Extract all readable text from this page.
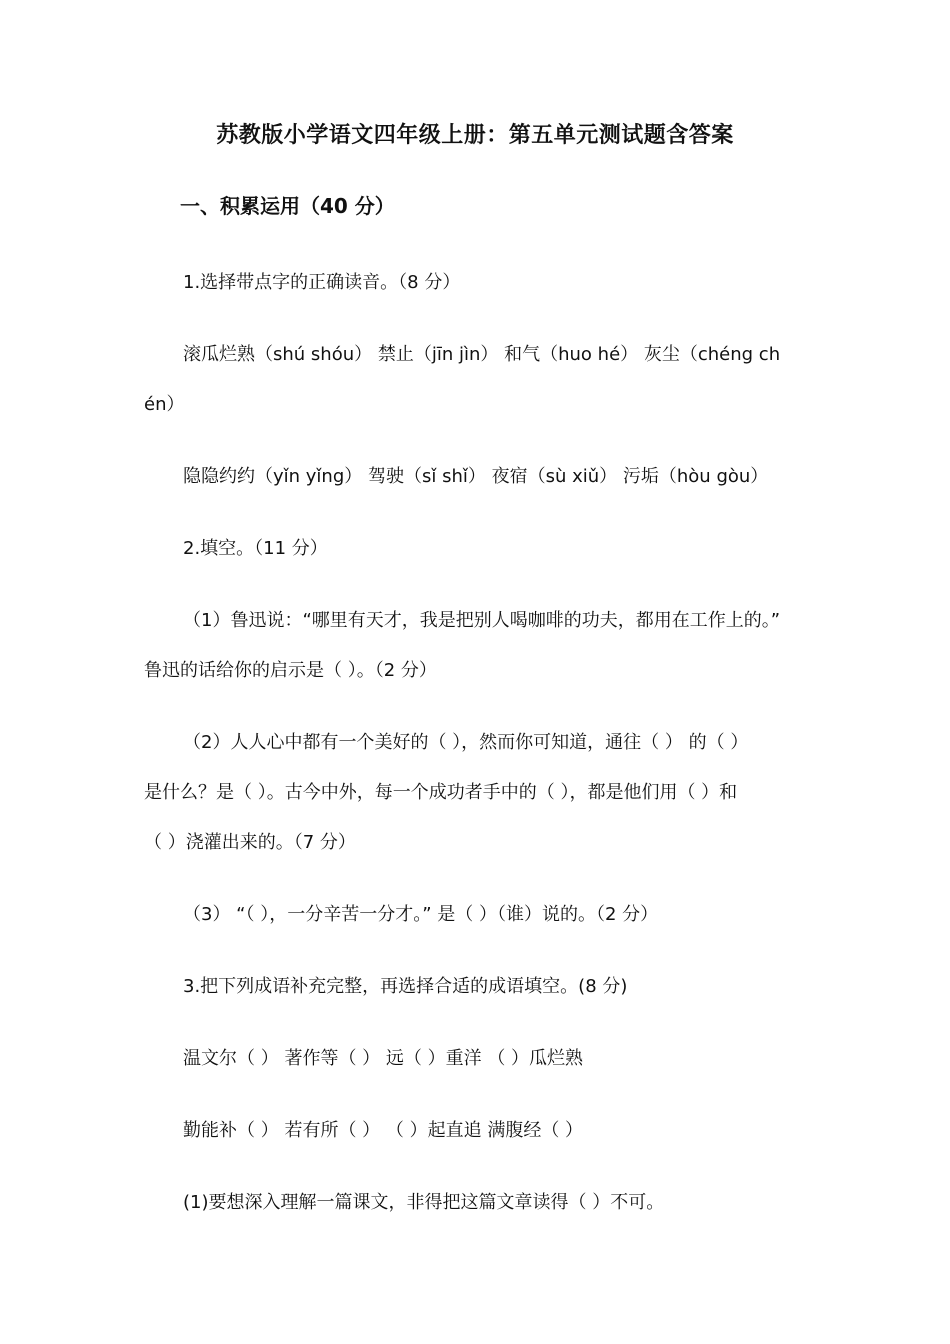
苏教版小学语文四年级上册：第五单元测试题含答案
一、积累运用（40 分）
1.选择带点字的正确读音。（8 分）
滚瓜烂熟（shú shóu） 禁止（jīn jìn） 和气（huo hé） 灰尘（chéng ch
én）
隐隐约约（yǐn yǐng） 驾驶（sǐ shǐ） 夜宿（sù xiǔ） 污垢（hòu gòu）
2.填空。（11 分）
（1）鲁迅说：“哪里有天才，我是把别人喝咖啡的功夫，都用在工作上的。”
鲁迅的话给你的启示是（ ）。（2 分）
（2）人人心中都有一个美好的（ ），然而你可知道，通往（ ） 的（ ）
是什么？是（ ）。古今中外，每一个成功者手中的（ ），都是他们用（ ）和
（ ）浇灌出来的。（7 分）
（3） “（ ），一分辛苦一分才。” 是（ ）（谁）说的。（2 分）
3.把下列成语补充完整，再选择合适的成语填空。(8 分)
温文尔（ ） 著作等（ ） 远（ ）重洋 （ ）瓜烂熟
勤能补（ ） 若有所（ ） （ ）起直追 满腹经（ ）
(1)要想深入理解一篇课文，非得把这篇文章读得（ ）不可。
